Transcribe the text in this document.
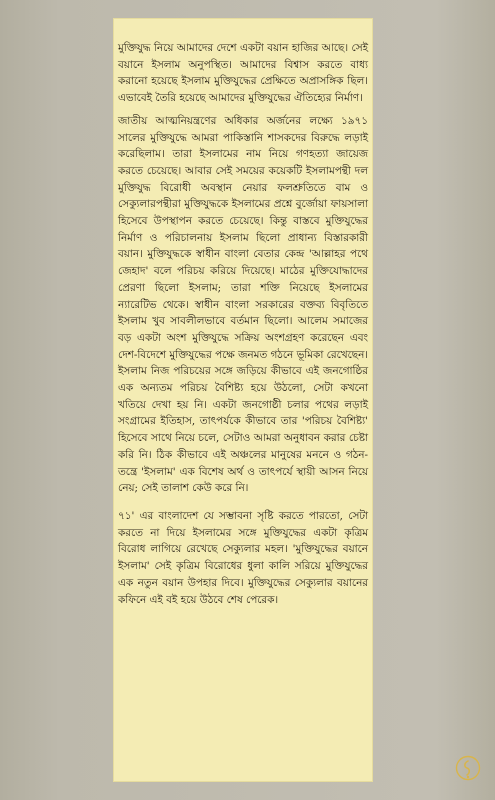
মুক্তিযুদ্ধ নিয়ে আমাদের দেশে একটা বয়ান হাজির আছে। সেই বয়ানে ইসলাম অনুপস্থিত। আমাদের বিশ্বাস করতে বাধ্য করানো হয়েছে ইসলাম মুক্তিযুদ্ধের প্রেক্ষিতে অপ্রাসঙ্গিক ছিল। এভাবেই তৈরি হয়েছে আমাদের মুক্তিযুদ্ধের ঐতিহ্যের নির্মাণ।

জাতীয় আত্মনিয়ন্ত্রণের অধিকার অর্জনের লক্ষ্যে ১৯৭১ সালের মুক্তিযুদ্ধে আমরা পাকিস্তানি শাসকদের বিরুদ্ধে লড়াই করেছিলাম। তারা ইসলামের নাম নিয়ে গণহত্যা জায়েজ করতে চেয়েছে। আবার সেই সময়ের কয়েকটি ইসলামপন্থী দল মুক্তিযুদ্ধ বিরোধী অবস্থান নেয়ার ফলশ্রুতিতে বাম ও সেক্যুলারপন্থীরা মুক্তিযুদ্ধকে ইসলামের প্রশ্নে বুর্জোয়া ফায়সালা হিসেবে উপস্থাপন করতে চেয়েছে। কিন্তু বাস্তবে মুক্তিযুদ্ধের নির্মাণ ও পরিচালনায় ইসলাম ছিলো প্রাধান্য বিস্তারকারী বয়ান। মুক্তিযুদ্ধকে স্বাধীন বাংলা বেতার কেন্দ্র 'আল্লাহর পথে জেহাদ' বলে পরিচয় করিয়ে দিয়েছে। মাঠের মুক্তিযোদ্ধাদের প্রেরণা ছিলো ইসলাম; তারা শক্তি নিয়েছে ইসলামের ন্যারেটিভ থেকে। স্বাধীন বাংলা সরকারের বক্তব্য বিবৃতিতে ইসলাম খুব সাবলীলভাবে বর্তমান ছিলো। আলেম সমাজের বড় একটা অংশ মুক্তিযুদ্ধে সক্রিয় অংশগ্রহণ করেছেন এবং দেশ-বিদেশে মুক্তিযুদ্ধের পক্ষে জনমত গঠনে ভূমিকা রেখেছেন। ইসলাম নিজ পরিচয়ের সঙ্গে জড়িয়ে কীভাবে এই জনগোষ্ঠির এক অন্যতম পরিচয় বৈশিষ্ট্য হয়ে উঠলো, সেটা কখনো খতিয়ে দেখা হয় নি। একটা জনগোষ্ঠী চলার পথের লড়াই সংগ্রামের ইতিহাস, তাৎপর্যকে কীভাবে তার 'পরিচয় বৈশিষ্ট্য' হিসেবে সাথে নিয়ে চলে, সেটাও আমরা অনুধাবন করার চেষ্টা করি নি। ঠিক কীভাবে এই অঞ্চলের মানুষের মননে ও গঠন-তন্ত্রে 'ইসলাম' এক বিশেষ অর্থ ও তাৎপর্যে স্থায়ী আসন নিয়ে নেয়; সেই তালাশ কেউ করে নি।

৭১' এর বাংলাদেশ যে সম্ভাবনা সৃষ্টি করতে পারতো, সেটা করতে না দিয়ে ইসলামের সঙ্গে মুক্তিযুদ্ধের একটা কৃত্রিম বিরোধ লাগিয়ে রেখেছে সেক্যুলার মহল। 'মুক্তিযুদ্ধের বয়ানে ইসলাম' সেই কৃত্রিম বিরোধের ধুলা কালি সরিয়ে মুক্তিযুদ্ধের এক নতুন বয়ান উপহার দিবে। মুক্তিযুদ্ধের সেক্যুলার বয়ানের কফিনে এই বই হয়ে উঠবে শেষ পেরেক।
